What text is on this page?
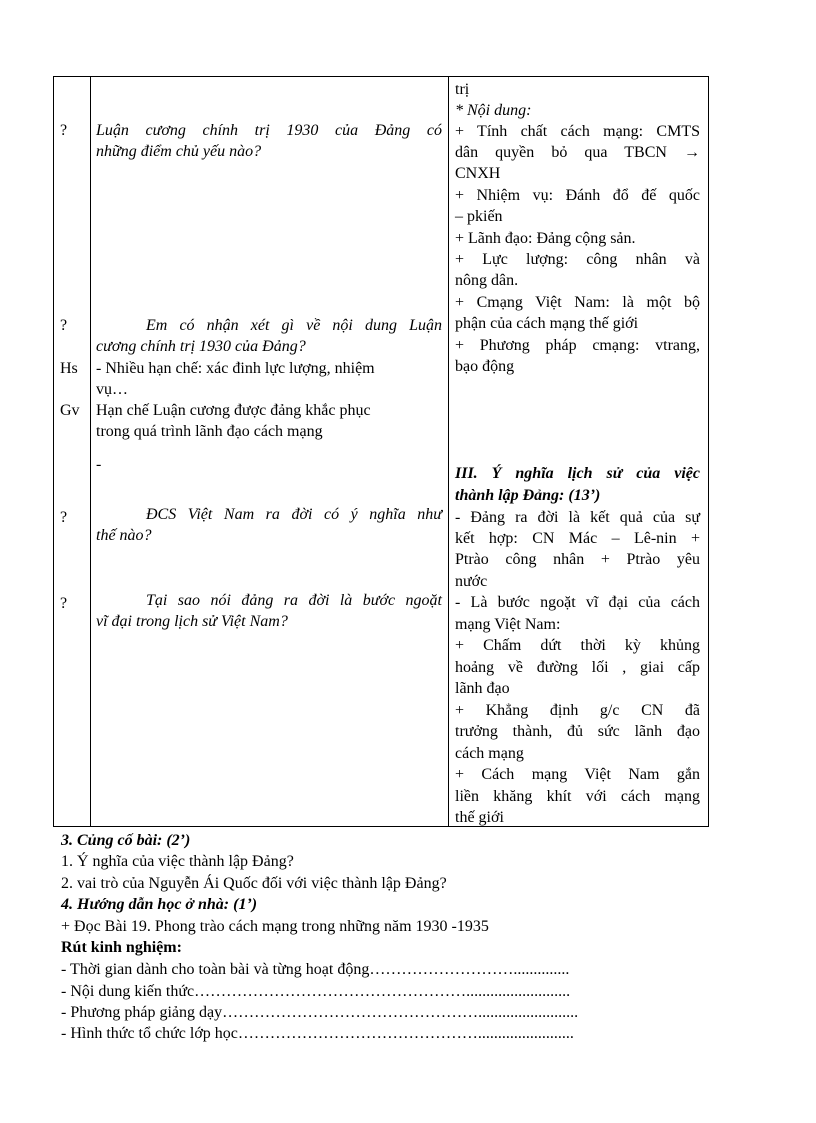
?
?
Hs
Gv
?
?
Luận cương chính trị 1930 của Đảng có
những điểm chủ yếu nào?
Em có nhận xét gì về nội dung Luận
cương chính trị 1930 của Đảng?
- Nhiều hạn chế: xác đinh lực lượng, nhiệm
vụ…
Hạn chế Luận cương được đảng khắc phục
trong quá trình lãnh đạo cách mạng
-
ĐCS Việt Nam ra đời có ý nghĩa như
thế nào?
Tại sao nói đảng ra đời là bước ngoặt
vĩ đại trong lịch sử Việt Nam?
trị
* Nội dung:
+ Tính chất cách mạng: CMTS
dân quyền bỏ qua TBCN →
CNXH
+ Nhiệm vụ: Đánh đổ đế quốc
– pkiến
+ Lãnh đạo: Đảng cộng sản.
+ Lực lượng: công nhân và
nông dân.
+ Cmạng Việt Nam: là một bộ
phận của cách mạng thế giới
+ Phương pháp cmạng: vtrang,
bạo động
III. Ý nghĩa lịch sử của việc
thành lập Đảng: (13’)
- Đảng ra đời là kết quả của sự
kết hợp: CN Mác – Lê-nin +
Ptrào công nhân + Ptrào yêu
nước
- Là bước ngoặt vĩ đại của cách
mạng Việt Nam:
+ Chấm dứt thời kỳ khủng
hoảng về đường lối , giai cấp
lãnh đạo
+ Khẳng định g/c CN đã
trưởng thành, đủ sức lãnh đạo
cách mạng
+ Cách mạng Việt Nam gắn
liền khăng khít với cách mạng
thế giới
3. Củng cố bài: (2’)
1. Ý nghĩa của việc thành lập Đảng?
2. vai trò của Nguyễn Ái Quốc đối với việc thành lập Đảng?
4. Hướng dẫn học ở nhà: (1’)
+ Đọc Bài 19. Phong trào cách mạng trong những năm 1930 -1935
Rút kinh nghiệm:
- Thời gian dành cho toàn bài và từng hoạt động………………………..............
- Nội dung kiến thức……………………………………………..........................
- Phương pháp giảng dạy………………………………………….........................
- Hình thức tổ chức lớp học………………………………………........................
